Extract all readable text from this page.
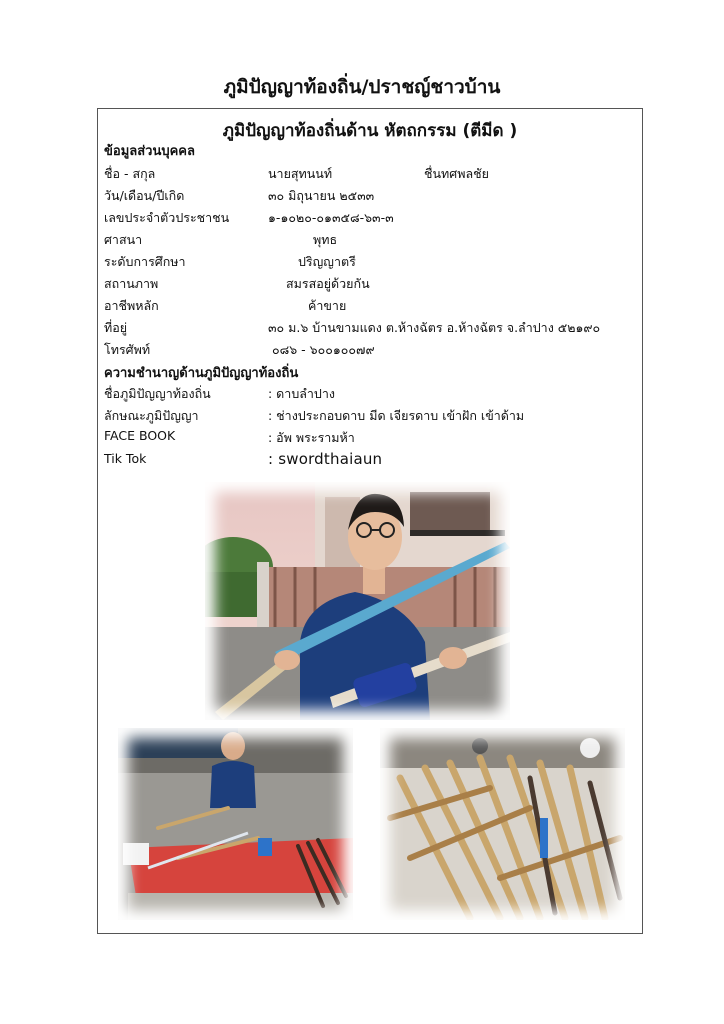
ภูมิปัญญาท้องถิ่น/ปราชญ์ชาวบ้าน
ภูมิปัญญาท้องถิ่นด้าน หัตถกรรม (ตีมีด )
ข้อมูลส่วนบุคคล
ชื่อ - สกุล	นายสุทนนท์	ชื่นทศพลชัย
วัน/เดือน/ปีเกิด	๓๐ มิถุนายน ๒๕๓๓
เลขประจำตัวประชาชน	๑-๑๐๒๐-๐๑๓๕๘-๖๓-๓
ศาสนา	พุทธ
ระดับการศึกษา	ปริญญาตรี
สถานภาพ	สมรสอยู่ด้วยกัน
อาชีพหลัก	ค้าขาย
ที่อยู่	๓๐ ม.๖ บ้านขามแดง ต.ห้างฉัตร อ.ห้างฉัตร จ.ลำปาง ๕๒๑๙๐
โทรศัพท์	๐๘๖ - ๖๐๐๑๐๐๗๙
ความชำนาญด้านภูมิปัญญาท้องถิ่น
ชื่อภูมิปัญญาท้องถิ่น	: ดาบลำปาง
ลักษณะภูมิปัญญา	: ช่างประกอบดาบ มีด เจียรดาบ เข้าฝัก เข้าด้าม
FACE BOOK	: อัพ พระรามห้า
Tik Tok	: swordthaiaun
